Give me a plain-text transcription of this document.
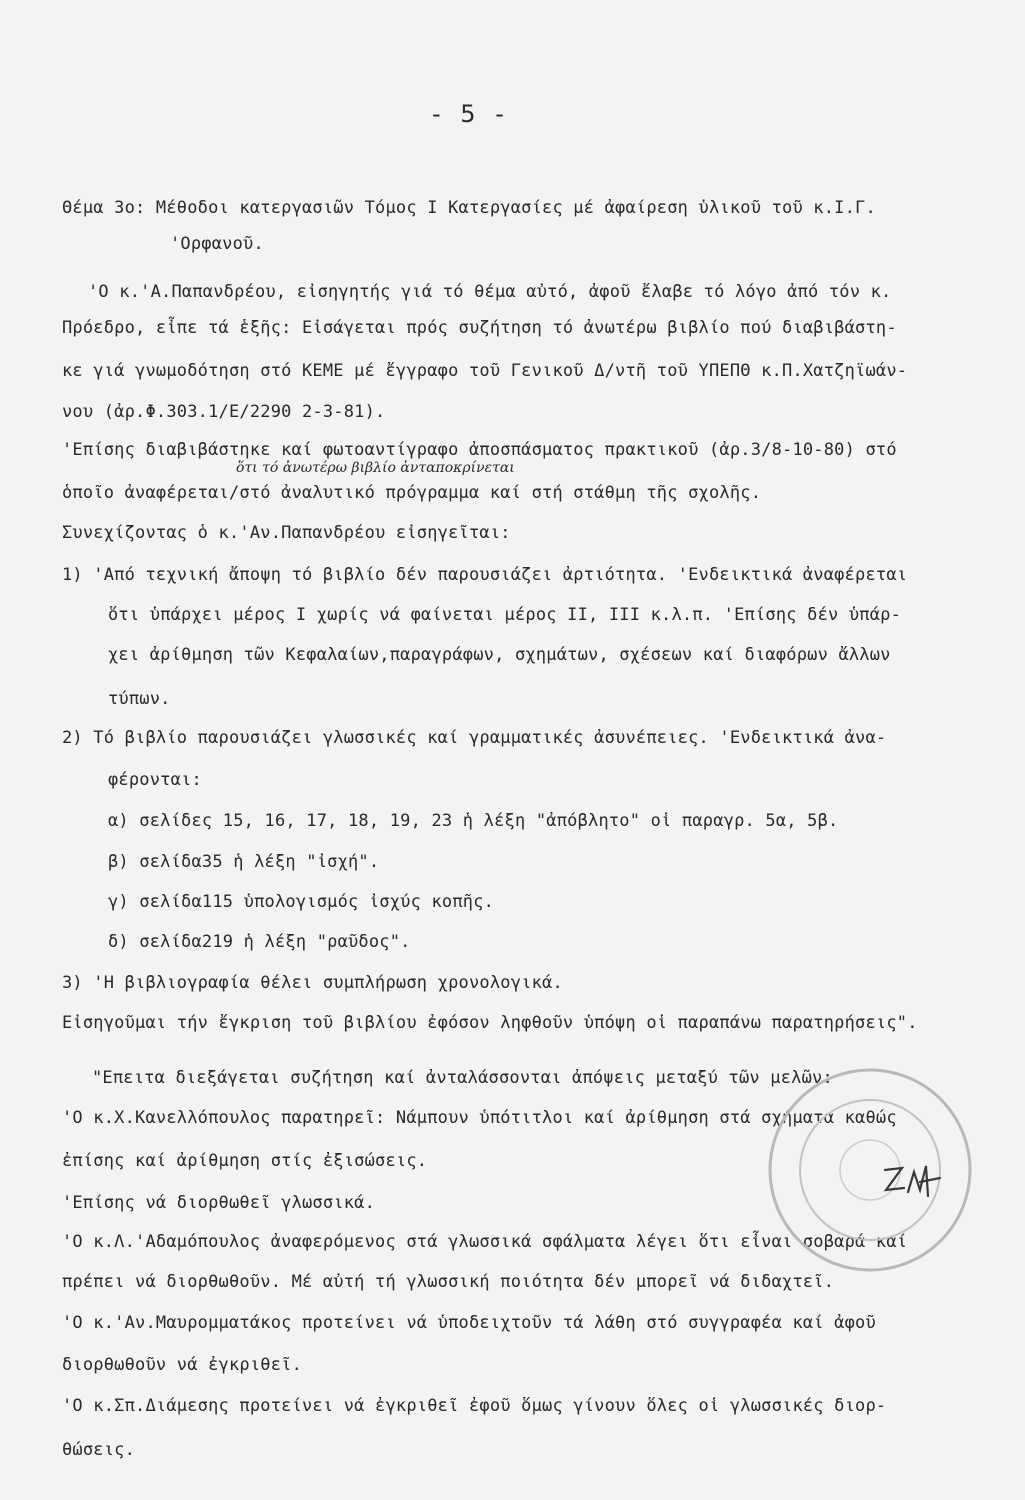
- 5 -
Θέμα 3ο: Μέθοδοι κατεργασιῶν Τόμος Ι Κατεργασίες μέ ἀφαίρεση ὑλικοῦ τοῦ κ.Ι.Γ.
'Ορφανοῦ.
'Ο κ.'Α.Παπανδρέου, εἰσηγητής γιά τό θέμα αὐτό, ἀφοῦ ἔλαβε τό λόγο ἀπό τόν κ.
Πρόεδρο, εἶπε τά ἑξῆς: Εἰσάγεται πρός συζήτηση τό ἀνωτέρω βιβλίο πού διαβιβάστη-
κε γιά γνωμοδότηση στό ΚΕΜΕ μέ ἔγγραφο τοῦ Γενικοῦ Δ/ντῆ τοῦ ΥΠΕΠΘ κ.Π.Χατζηϊωάν-
νου (ἀρ.Φ.303.1/Ε/2290 2-3-81).
'Επίσης διαβιβάστηκε καί φωτοαντίγραφο ἀποσπάσματος πρακτικοῦ (ἀρ.3/8-10-80) στό
ὅτι τό ἀνωτέρω βιβλίο ἀνταποκρίνεται
ὁποῖο ἀναφέρεται/στό ἀναλυτικό πρόγραμμα καί στή στάθμη τῆς σχολῆς.
Συνεχίζοντας ὁ κ.'Αν.Παπανδρέου εἰσηγεῖται:
1) 'Από τεχνική ἄποψη τό βιβλίο δέν παρουσιάζει ἀρτιότητα. 'Ενδεικτικά ἀναφέρεται
ὅτι ὑπάρχει μέρος Ι χωρίς νά φαίνεται μέρος ΙΙ, ΙΙΙ κ.λ.π. 'Επίσης δέν ὑπάρ-
χει ἀρίθμηση τῶν Κεφαλαίων,παραγράφων, σχημάτων, σχέσεων καί διαφόρων ἄλλων
τύπων.
2) Τό βιβλίο παρουσιάζει γλωσσικές καί γραμματικές ἀσυνέπειες. 'Ενδεικτικά ἀνα-
φέρονται:
α) σελίδες 15, 16, 17, 18, 19, 23 ἡ λέξη "ἀπόβλητο" οἱ παραγρ. 5α, 5β.
β) σελίδα35 ἡ λέξη "ἰσχή".
γ) σελίδα115 ὑπολογισμός ἰσχύς κοπῆς.
δ) σελίδα219 ἡ λέξη "ραῦδος".
3) 'Η βιβλιογραφία θέλει συμπλήρωση χρονολογικά.
Εἰσηγοῦμαι τήν ἔγκριση τοῦ βιβλίου ἐφόσον ληφθοῦν ὑπόψη οἱ παραπάνω παρατηρήσεις".
"Επειτα διεξάγεται συζήτηση καί ἀνταλάσσονται ἀπόψεις μεταξύ τῶν μελῶν:
'Ο κ.Χ.Κανελλόπουλος παρατηρεῖ: Νάμπουν ὑπότιτλοι καί ἀρίθμηση στά σχήματα καθώς
ἐπίσης καί ἀρίθμηση στίς ἐξισώσεις.
'Επίσης νά διορθωθεῖ γλωσσικά.
'Ο κ.Λ.'Αδαμόπουλος ἀναφερόμενος στά γλωσσικά σφάλματα λέγει ὅτι εἶναι σοβαρά καί
πρέπει νά διορθωθοῦν. Μέ αὐτή τή γλωσσική ποιότητα δέν μπορεῖ νά διδαχτεῖ.
'Ο κ.'Αν.Μαυρομματάκος προτείνει νά ὑποδειχτοῦν τά λάθη στό συγγραφέα καί ἀφοῦ
διορθωθοῦν νά ἐγκριθεῖ.
'Ο κ.Σπ.Διάμεσης προτείνει νά ἐγκριθεῖ ἐφοῦ ὅμως γίνουν ὅλες οἱ γλωσσικές διορ-
θώσεις.
